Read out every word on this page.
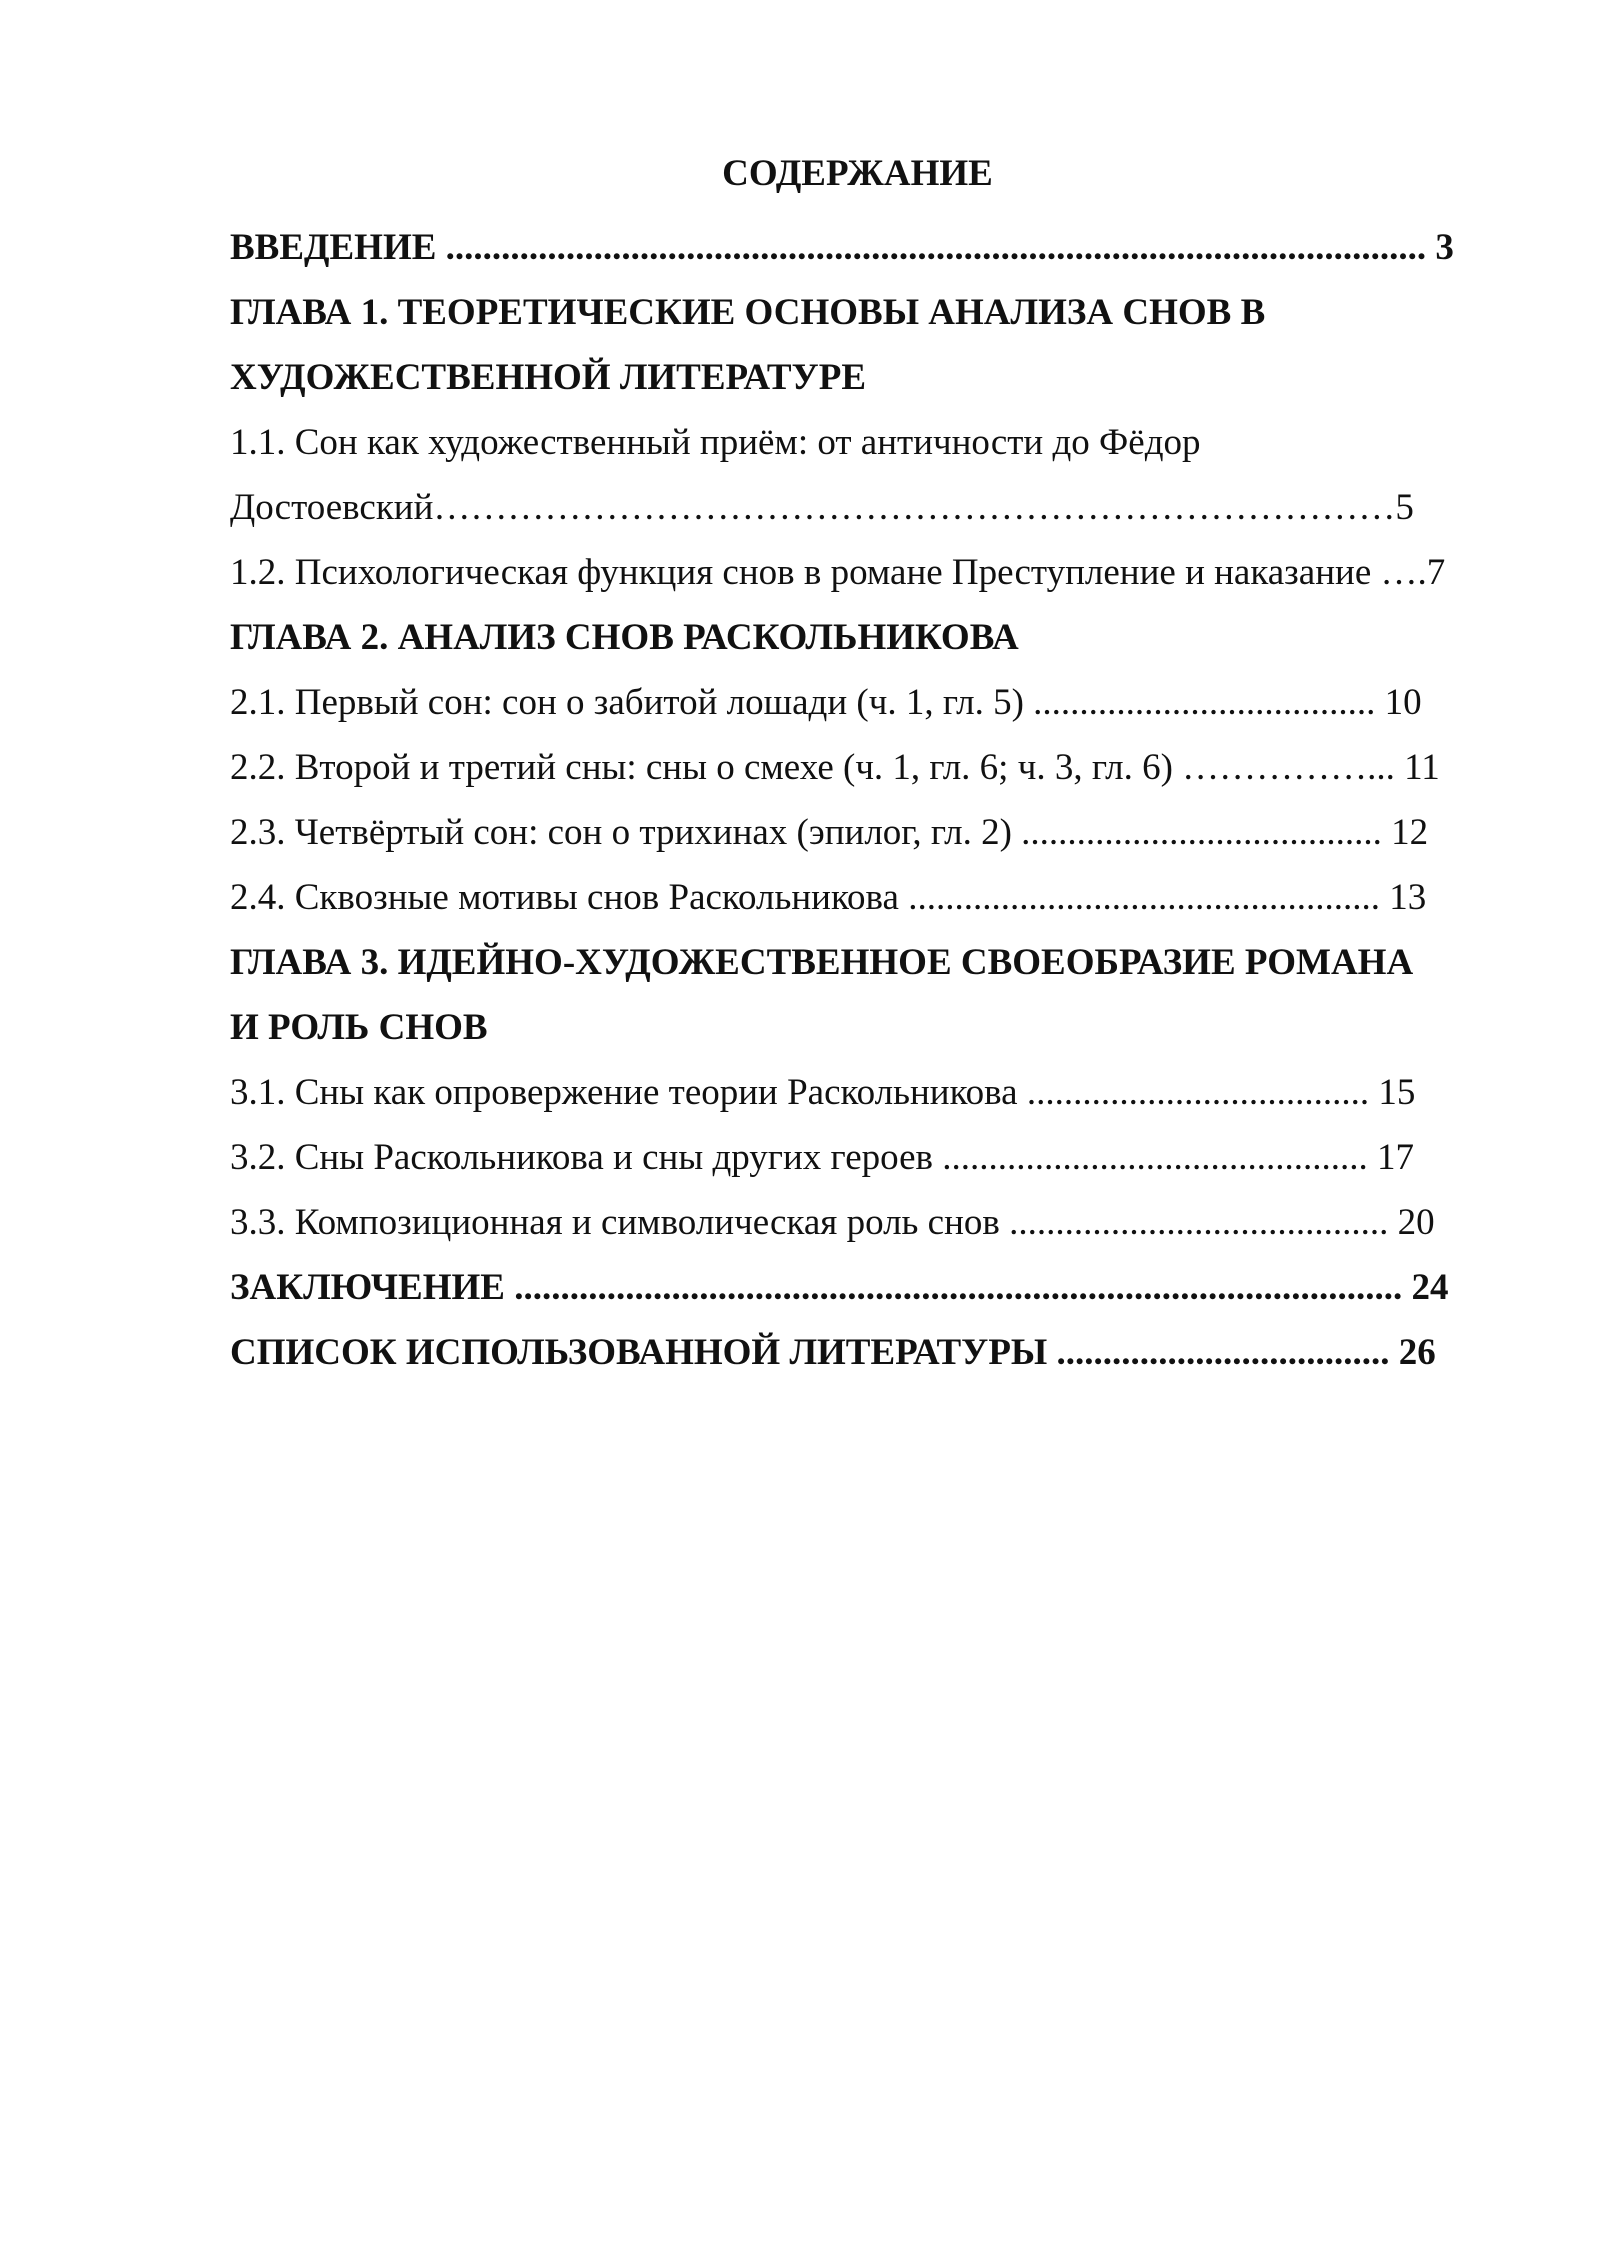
СОДЕРЖАНИЕ
ВВЕДЕНИЕ .......................................................................................................... 3
ГЛАВА 1. ТЕОРЕТИЧЕСКИЕ ОСНОВЫ АНАЛИЗА СНОВ В
ХУДОЖЕСТВЕННОЙ ЛИТЕРАТУРЕ
1.1. Сон как художественный приём: от античности до Фёдор
Достоевский……………………………………………………………………5
1.2. Психологическая функция снов в романе Преступление и наказание ….7
ГЛАВА 2. АНАЛИЗ СНОВ РАСКОЛЬНИКОВА
2.1. Первый сон: сон о забитой лошади (ч. 1, гл. 5) ..................................... 10
2.2. Второй и третий сны: сны о смехе (ч. 1, гл. 6; ч. 3, гл. 6) ……………... 11
2.3. Четвёртый сон: сон о трихинах (эпилог, гл. 2) ....................................... 12
2.4. Сквозные мотивы снов Раскольникова ................................................... 13
ГЛАВА 3. ИДЕЙНО-ХУДОЖЕСТВЕННОЕ СВОЕОБРАЗИЕ РОМАНА
И РОЛЬ СНОВ
3.1. Сны как опровержение теории Раскольникова ..................................... 15
3.2. Сны Раскольникова и сны других героев .............................................. 17
3.3. Композиционная и символическая роль снов ......................................... 20
ЗАКЛЮЧЕНИЕ ................................................................................................ 24
СПИСОК ИСПОЛЬЗОВАННОЙ ЛИТЕРАТУРЫ .................................... 26
